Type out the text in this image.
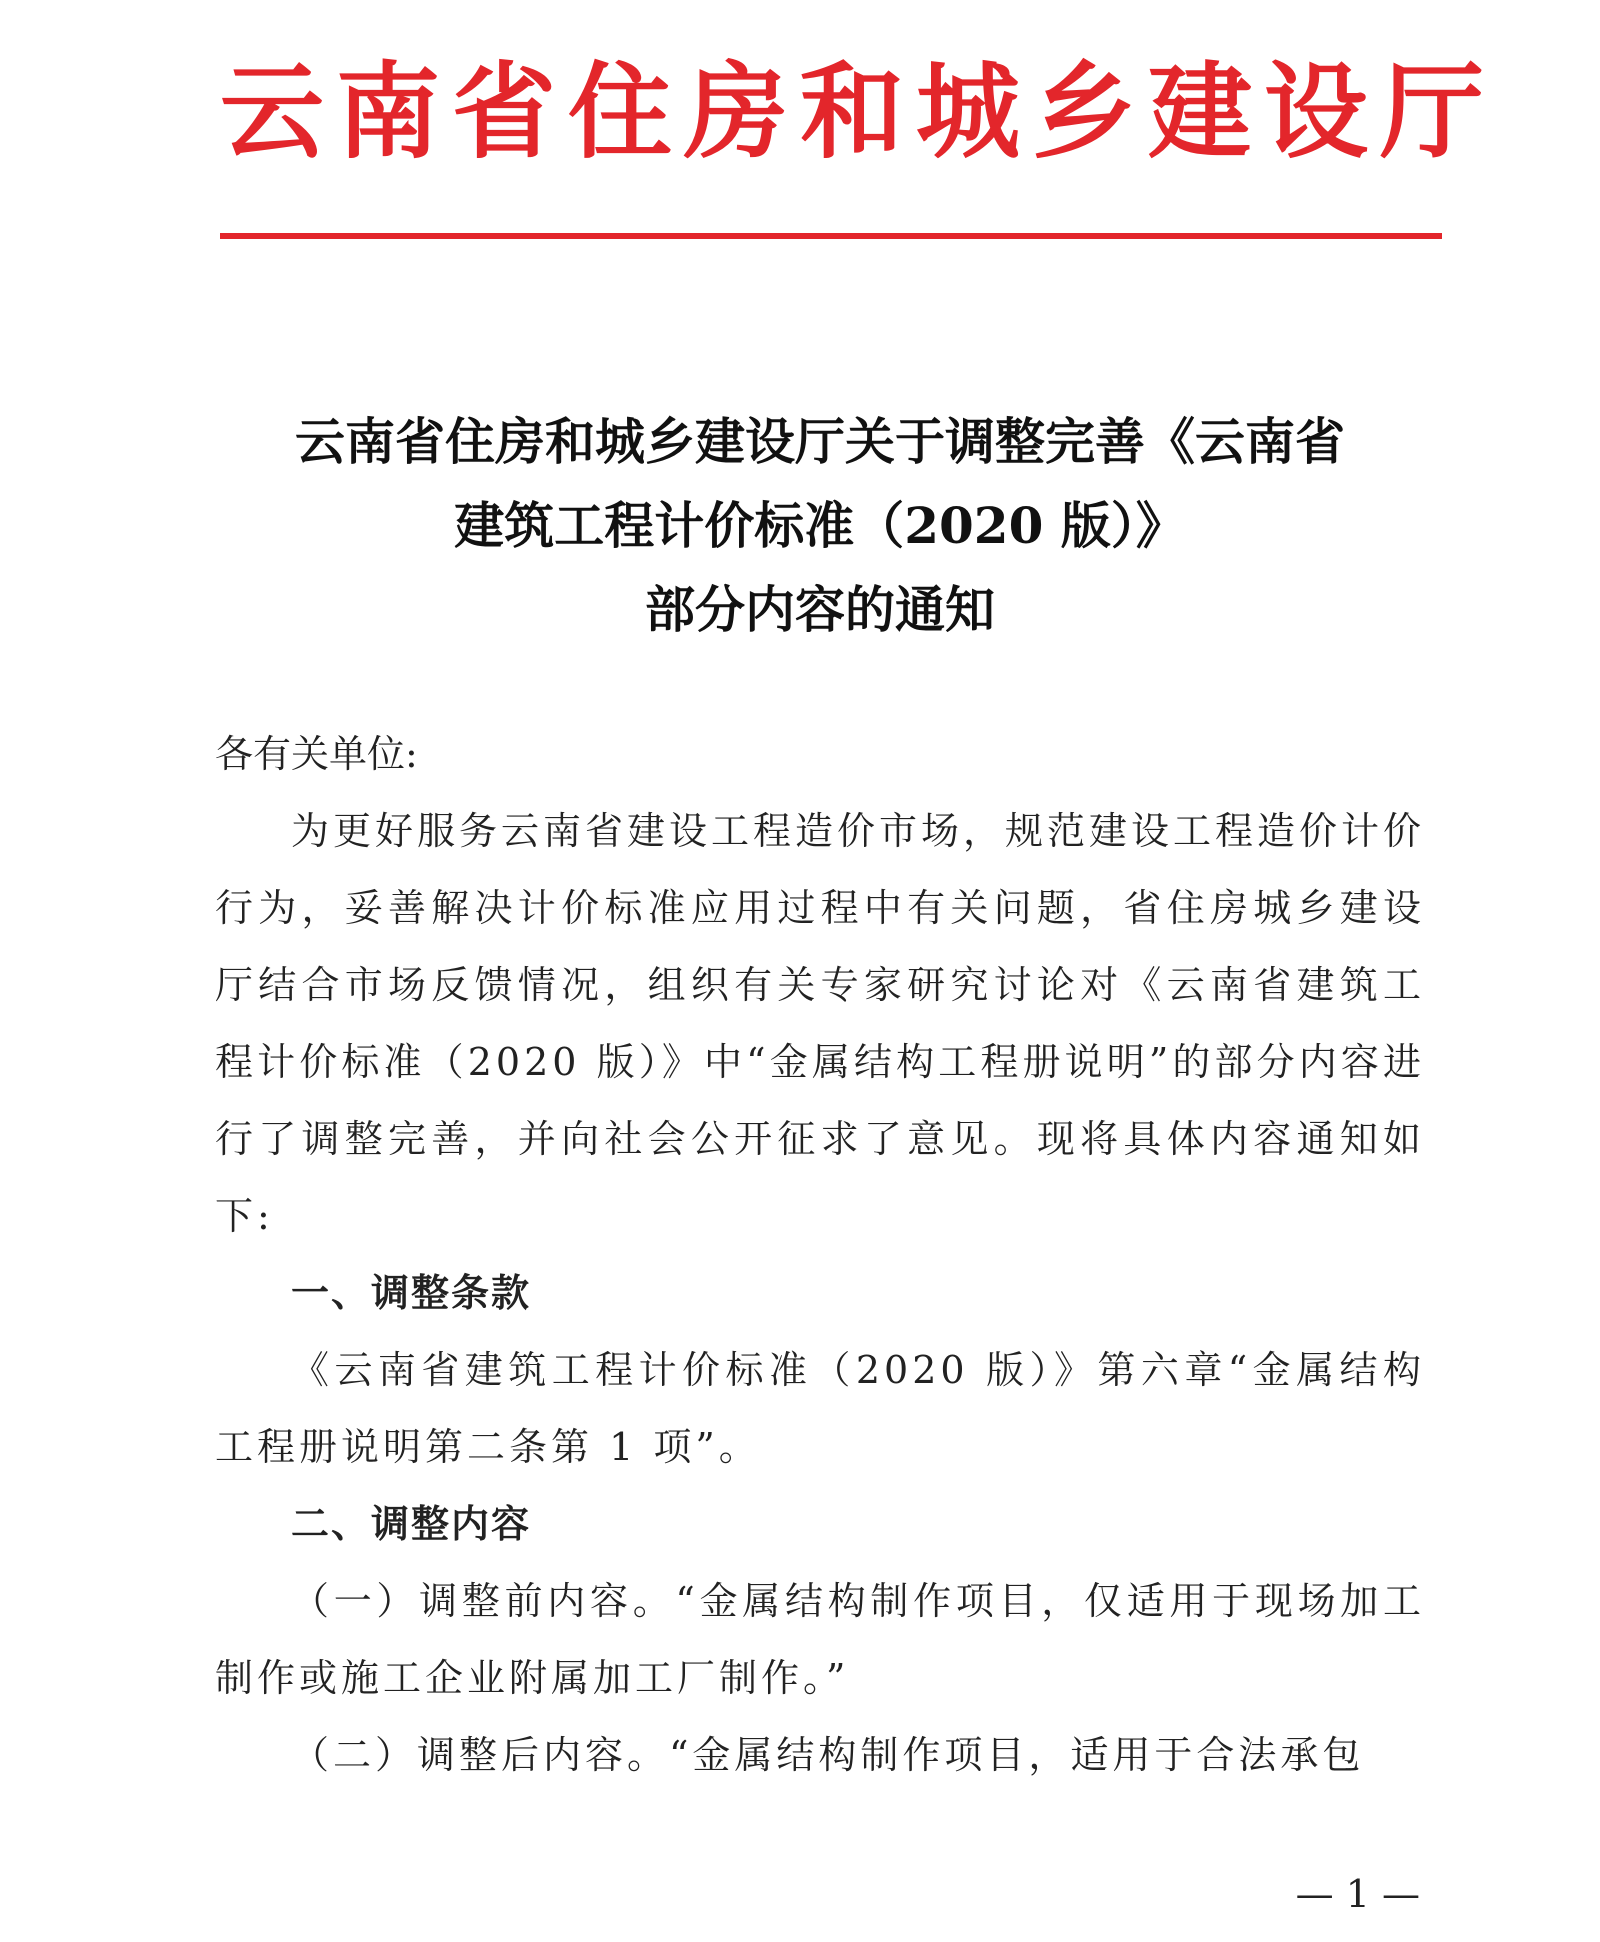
云南省住房和城乡建设厅
云南省住房和城乡建设厅关于调整完善《云南省
建筑工程计价标准（2020 版）》
部分内容的通知
各有关单位:

为更好服务云南省建设工程造价市场，规范建设工程造价计价行为，妥善解决计价标准应用过程中有关问题，省住房城乡建设厅结合市场反馈情况，组织有关专家研究讨论对《云南省建筑工程计价标准（2020 版）》中“金属结构工程册说明”的部分内容进行了调整完善，并向社会公开征求了意见。现将具体内容通知如下:

一、调整条款

《云南省建筑工程计价标准（2020 版）》第六章“金属结构工程册说明第二条第 1 项”。

二、调整内容

（一）调整前内容。“金属结构制作项目，仅适用于现场加工制作或施工企业附属加工厂制作。”

（二）调整后内容。“金属结构制作项目，适用于合法承包

— 1 —
